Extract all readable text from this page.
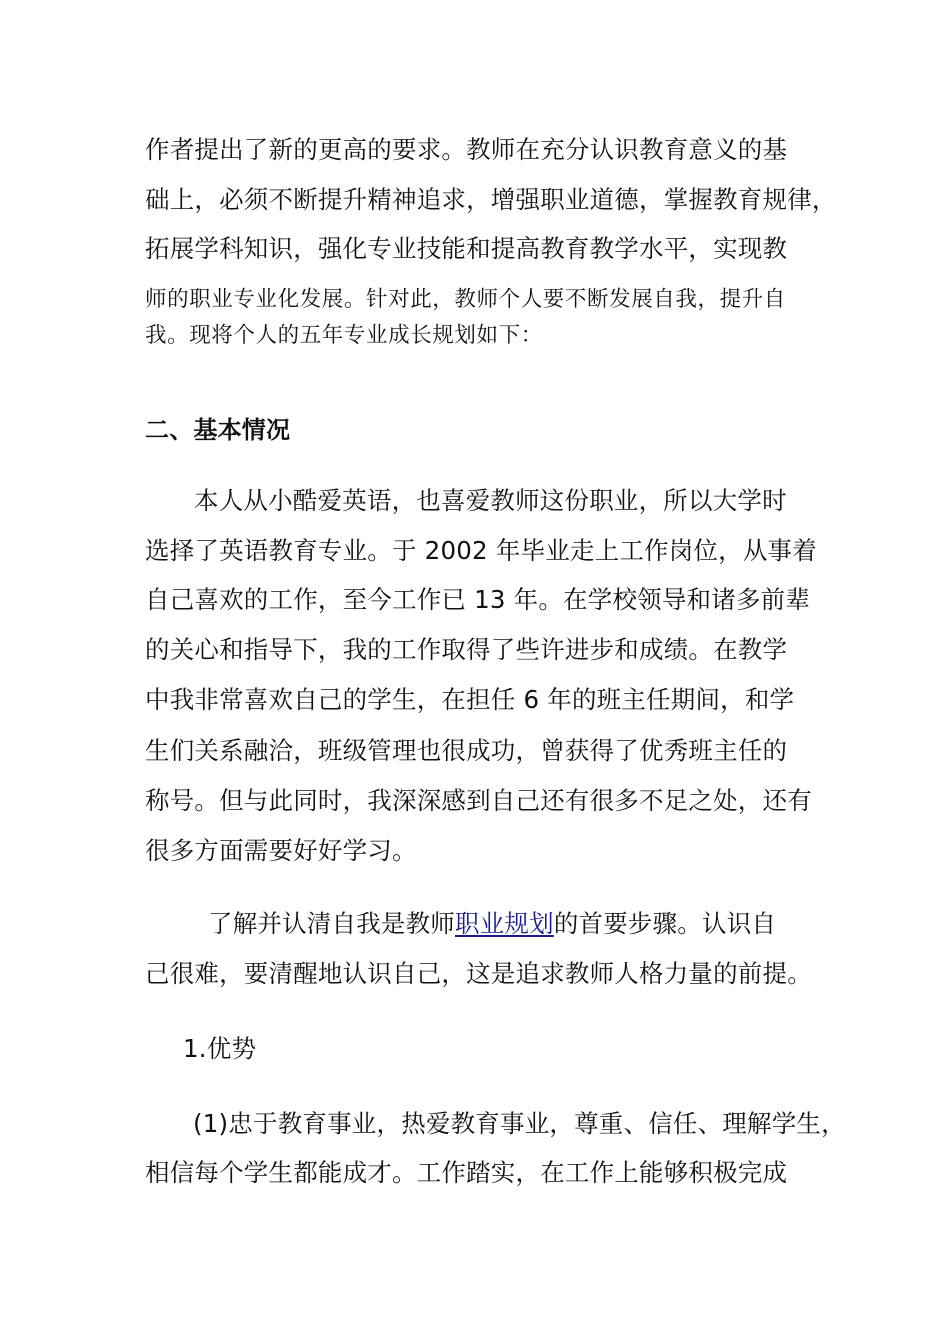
作者提出了新的更高的要求。教师在充分认识教育意义的基
础上，必须不断提升精神追求，增强职业道德，掌握教育规律，
拓展学科知识，强化专业技能和提高教育教学水平，实现教
师的职业专业化发展。针对此，教师个人要不断发展自我，提升自
我。现将个人的五年专业成长规划如下：
二、基本情况
本人从小酷爱英语，也喜爱教师这份职业，所以大学时
选择了英语教育专业。于 2002 年毕业走上工作岗位，从事着
自己喜欢的工作，至今工作已 13 年。在学校领导和诸多前辈
的关心和指导下，我的工作取得了些许进步和成绩。在教学
中我非常喜欢自己的学生，在担任 6 年的班主任期间，和学
生们关系融洽，班级管理也很成功，曾获得了优秀班主任的
称号。但与此同时，我深深感到自己还有很多不足之处，还有
很多方面需要好好学习。
了解并认清自我是教师职业规划的首要步骤。认识自
己很难，要清醒地认识自己，这是追求教师人格力量的前提。
1.优势
(1)忠于教育事业，热爱教育事业，尊重、信任、理解学生，
相信每个学生都能成才。工作踏实，在工作上能够积极完成
